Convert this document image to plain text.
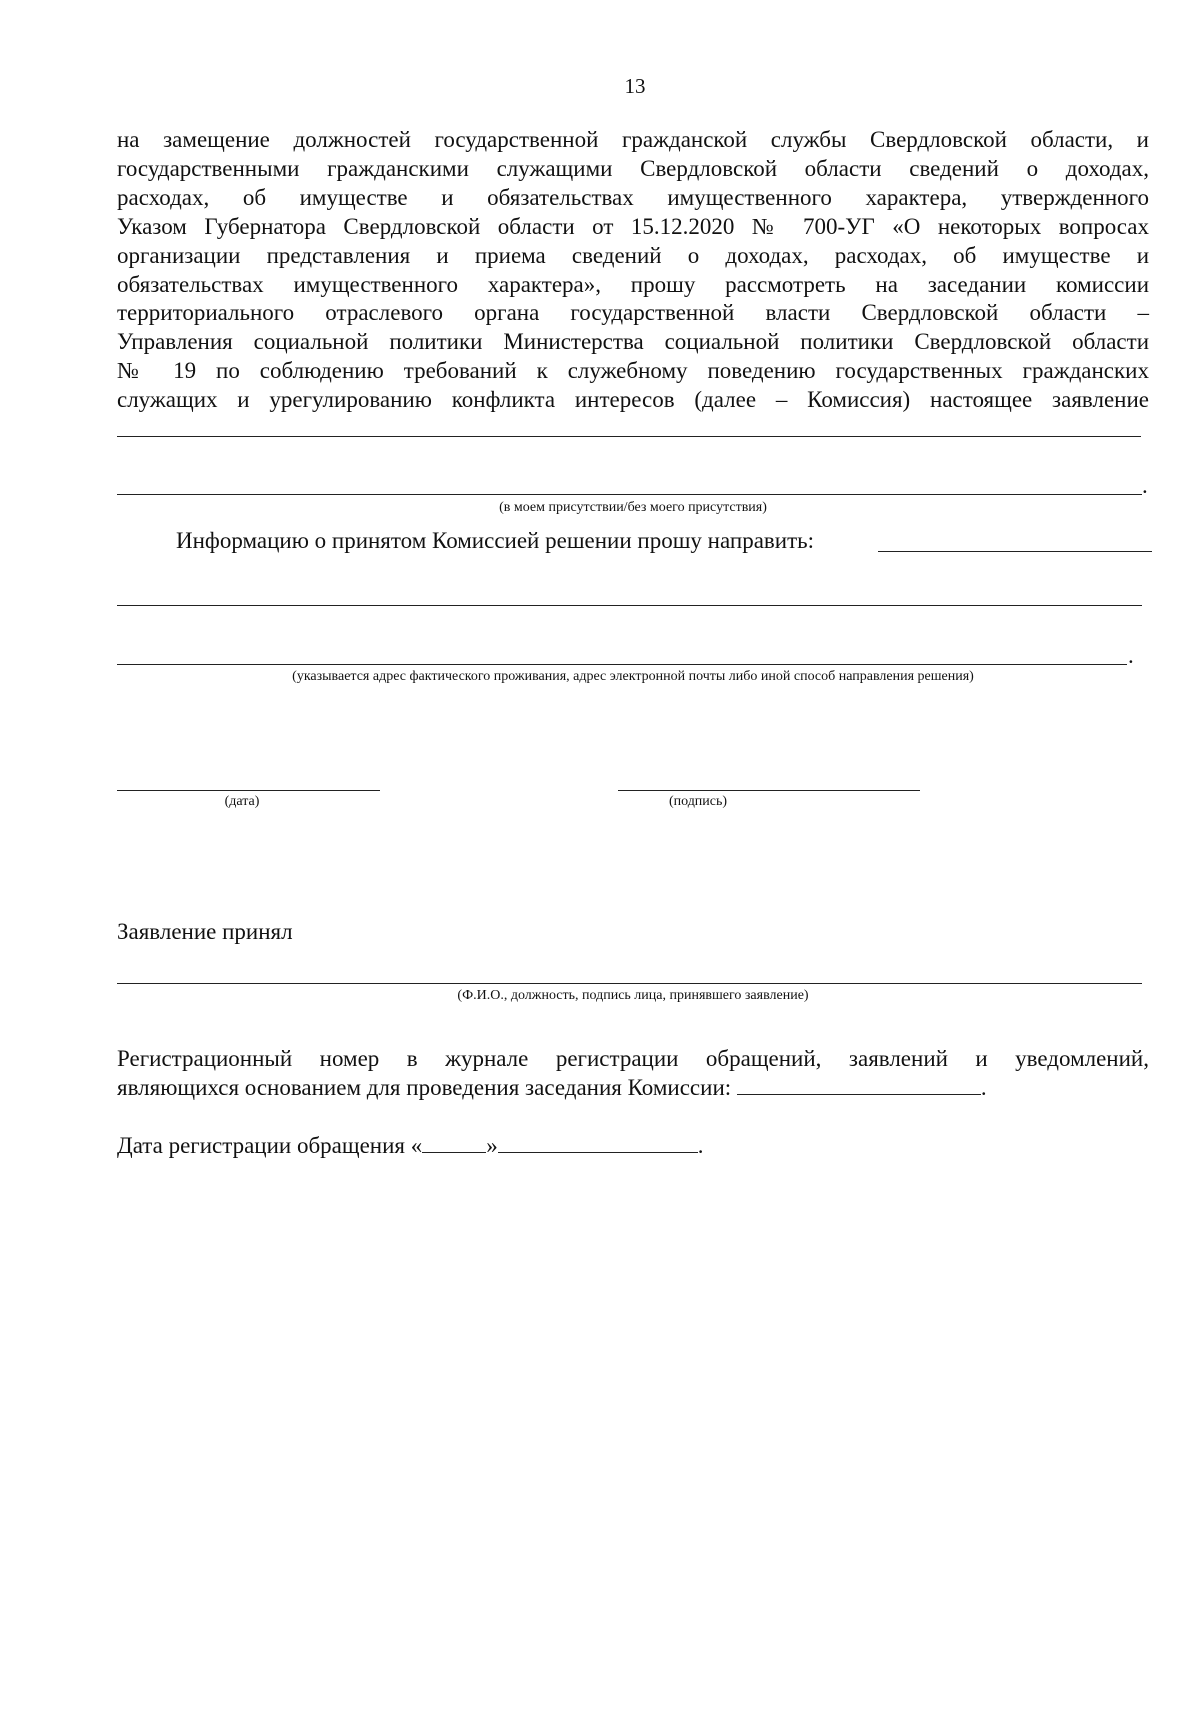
13
на замещение должностей государственной гражданской службы Свердловской области, и
государственными гражданскими служащими Свердловской области сведений о доходах,
расходах, об имуществе и обязательствах имущественного характера, утвержденного
Указом Губернатора Свердловской области от 15.12.2020 № 700-УГ «О некоторых вопросах
организации представления и приема сведений о доходах, расходах, об имуществе и
обязательствах имущественного характера», прошу рассмотреть на заседании комиссии
территориального отраслевого органа государственной власти Свердловской области –
Управления социальной политики Министерства социальной политики Свердловской области
№ 19 по соблюдению требований к служебному поведению государственных гражданских
служащих и урегулированию конфликта интересов (далее – Комиссия) настоящее заявление
.
(в моем присутствии/без моего присутствия)
Информацию о принятом Комиссией решении прошу направить:
.
(указывается адрес фактического проживания, адрес электронной почты либо иной способ направления решения)
(дата)	(подпись)
Заявление принял
(Ф.И.О., должность, подпись лица, принявшего заявление)
Регистрационный номер в журнале регистрации обращений, заявлений и уведомлений,
являющихся основанием для проведения заседания Комиссии:	.
Дата регистрации обращения «	»	.
